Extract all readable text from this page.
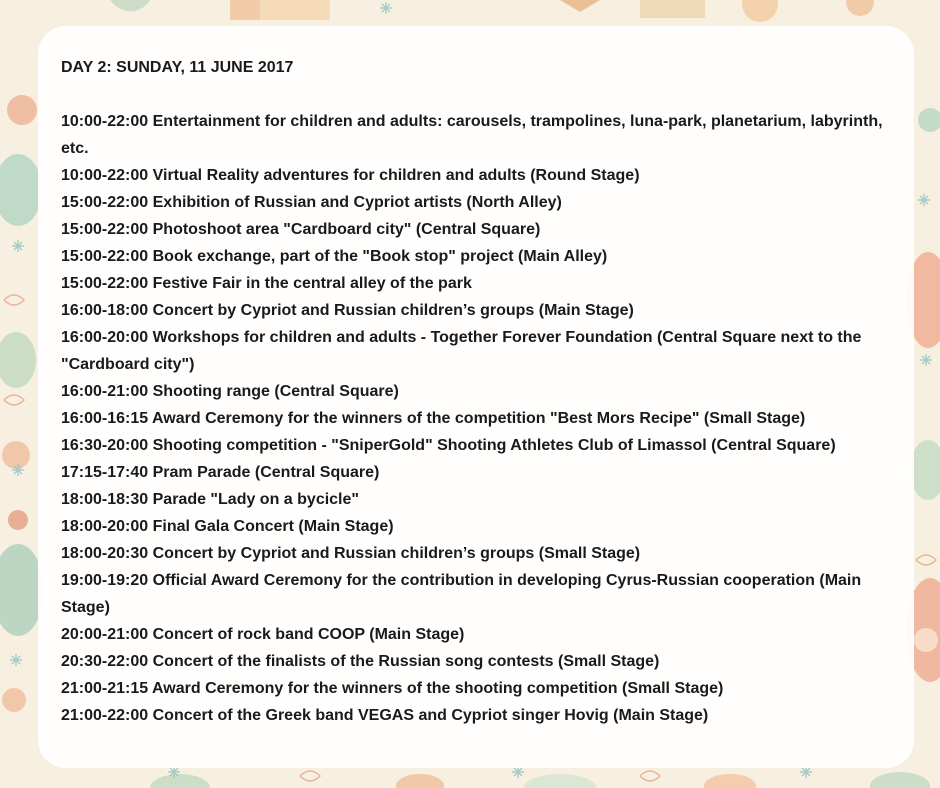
DAY 2: SUNDAY, 11 JUNE 2017
10:00-22:00 Entertainment for children and adults: carousels, trampolines, luna-park, planetarium, labyrinth, etc.
10:00-22:00 Virtual Reality adventures for children and adults (Round Stage)
15:00-22:00 Exhibition of Russian and Cypriot artists (North Alley)
15:00-22:00 Photoshoot area "Cardboard city" (Central Square)
15:00-22:00 Book exchange, part of the "Book stop" project (Main Alley)
15:00-22:00 Festive Fair in the central alley of the park
16:00-18:00 Concert by Cypriot and Russian children’s groups (Main Stage)
16:00-20:00 Workshops for children and adults - Together Forever Foundation (Central Square next to the "Cardboard city")
16:00-21:00 Shooting range (Central Square)
16:00-16:15 Award Ceremony for the winners of the competition "Best Mors Recipe" (Small Stage)
16:30-20:00 Shooting competition - "SniperGold" Shooting Athletes Club of Limassol (Central Square)
17:15-17:40 Pram Parade (Central Square)
18:00-18:30 Parade "Lady on a bycicle"
18:00-20:00 Final Gala Concert (Main Stage)
18:00-20:30 Concert by Cypriot and Russian children’s groups (Small Stage)
19:00-19:20 Official Award Ceremony for the contribution in developing Cyrus-Russian cooperation (Main Stage)
20:00-21:00 Concert of rock band COOP (Main Stage)
20:30-22:00 Concert of the finalists of the Russian song contests (Small Stage)
21:00-21:15 Award Ceremony for the winners of the shooting competition (Small Stage)
21:00-22:00 Concert of the Greek band VEGAS and Cypriot singer Hovig (Main Stage)
